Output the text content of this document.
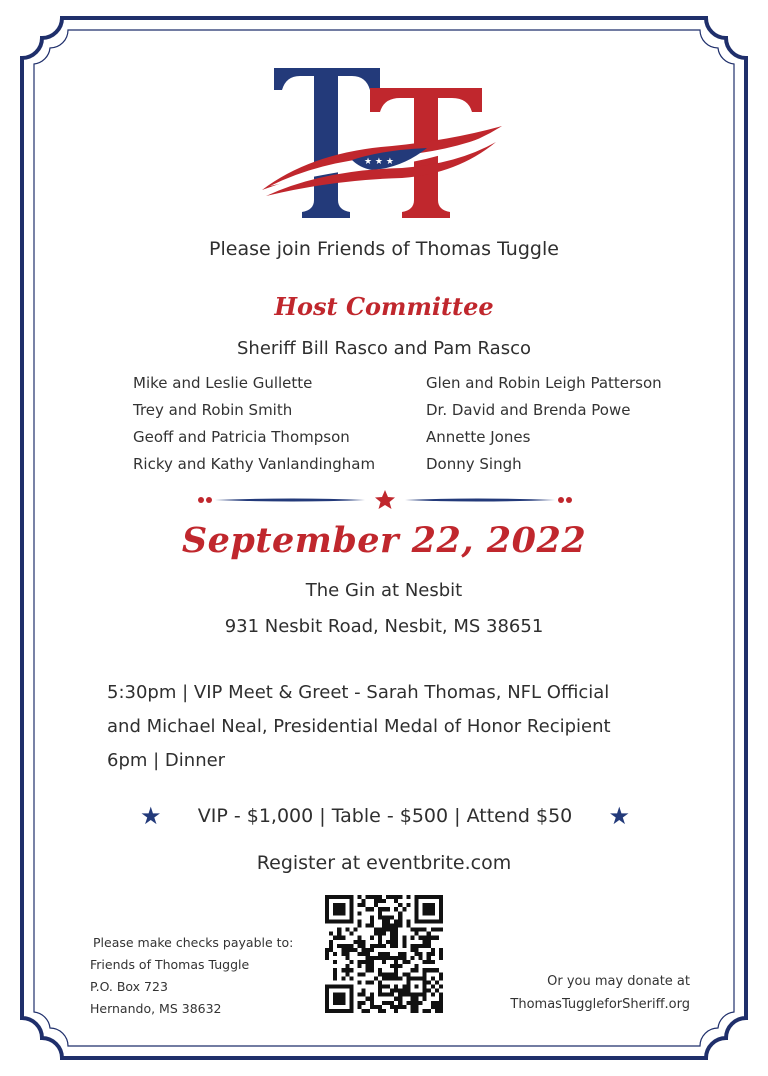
★ ★ ★
Please join Friends of Thomas Tuggle
Host Committee
Sheriff Bill Rasco and Pam Rasco
Mike and Leslie Gullette
Trey and Robin Smith
Geoff and Patricia Thompson
Ricky and Kathy Vanlandingham
Glen and Robin Leigh Patterson
Dr. David and Brenda Powe
Annette Jones
Donny Singh
September 22, 2022
The Gin at Nesbit
931 Nesbit Road, Nesbit, MS 38651
5:30pm | VIP Meet & Greet - Sarah Thomas, NFL Official
and Michael Neal, Presidential Medal of Honor Recipient
6pm | Dinner
★ VIP - $1,000 | Table - $500 | Attend $50 ★
Register at eventbrite.com
Please make checks payable to:
Friends of Thomas Tuggle
P.O. Box 723
Hernando, MS 38632
Or you may donate at
ThomasTuggleforSheriff.org
